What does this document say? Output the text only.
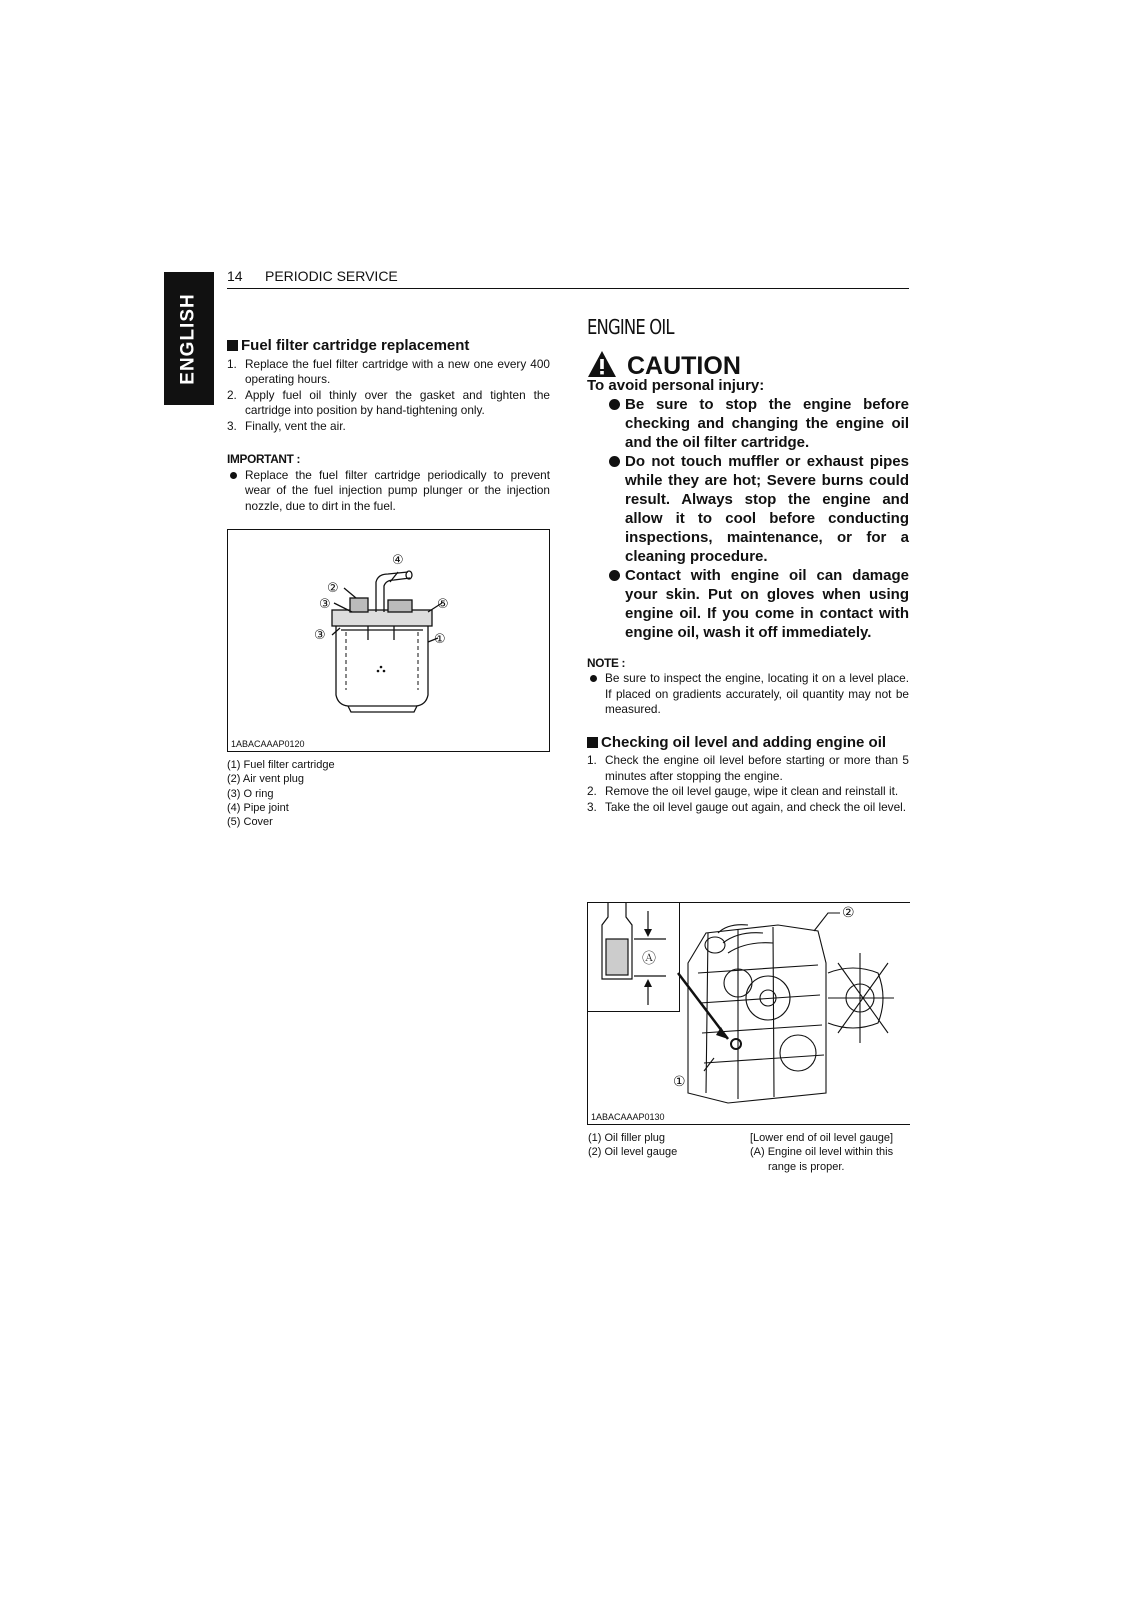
ENGLISH
14 PERIODIC SERVICE
Fuel filter cartridge replacement
1. Replace the fuel filter cartridge with a new one every 400 operating hours.
2. Apply fuel oil thinly over the gasket and tighten the cartridge into position by hand-tightening only.
3. Finally, vent the air.
IMPORTANT :
Replace the fuel filter cartridge periodically to prevent wear of the fuel injection pump plunger or the injection nozzle, due to dirt in the fuel.
②
③
③
④
⑤
①
1ABACAAAP0120
(1) Fuel filter cartridge
(2) Air vent plug
(3) O ring
(4) Pipe joint
(5) Cover
ENGINE OIL
CAUTION
To avoid personal injury:
Be sure to stop the engine before checking and changing the engine oil and the oil filter cartridge.
Do not touch muffler or exhaust pipes while they are hot; Severe burns could result. Always stop the engine and allow it to cool before conducting inspections, maintenance, or for a cleaning procedure.
Contact with engine oil can damage your skin. Put on gloves when using engine oil. If you come in contact with engine oil, wash it off immediately.
NOTE :
Be sure to inspect the engine, locating it on a level place. If placed on gradients accurately, oil quantity may not be measured.
Checking oil level and adding engine oil
1. Check the engine oil level before starting or more than 5 minutes after stopping the engine.
2. Remove the oil level gauge, wipe it clean and reinstall it.
3. Take the oil level gauge out again, and check the oil level.
Ⓐ
②
①
1ABACAAAP0130
(1) Oil filler plug
(2) Oil level gauge
[Lower end of oil level gauge]
(A) Engine oil level within this
range is proper.
